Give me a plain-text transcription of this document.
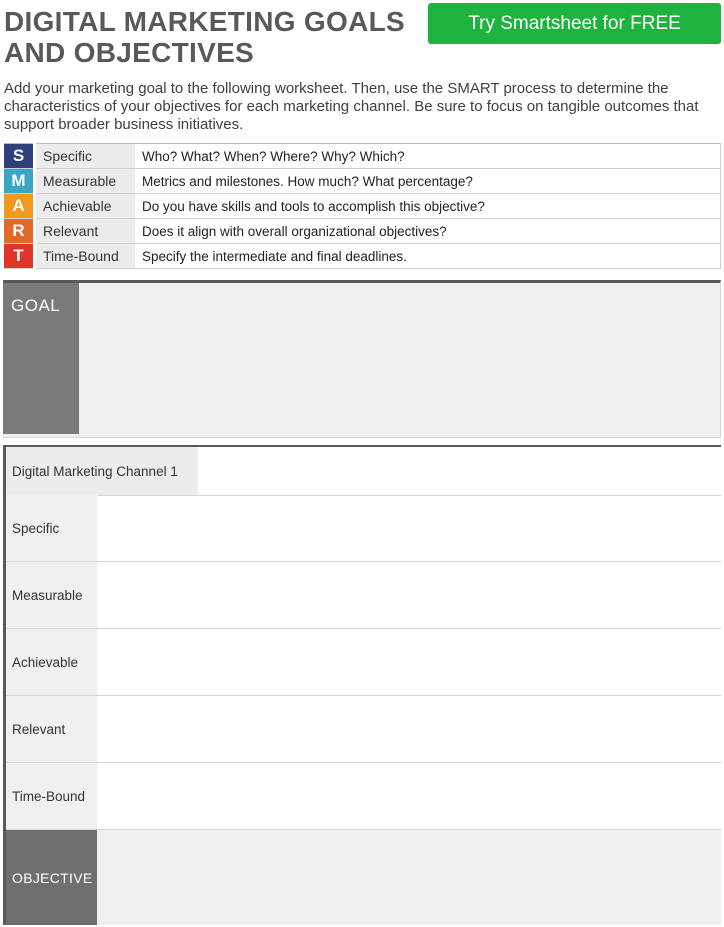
DIGITAL MARKETING GOALS
AND OBJECTIVES
Try Smartsheet for FREE

Add your marketing goal to the following worksheet. Then, use the SMART process to determine the characteristics of your objectives for each marketing channel. Be sure to focus on tangible outcomes that support broader business initiatives.

S	Specific	Who? What? When? Where? Why? Which?
M	Measurable	Metrics and milestones. How much? What percentage?
A	Achievable	Do you have skills and tools to accomplish this objective?
R	Relevant	Does it align with overall organizational objectives?
T	Time-Bound	Specify the intermediate and final deadlines.
GOAL
Digital Marketing Channel 1
Specific
Measurable
Achievable
Relevant
Time-Bound
OBJECTIVE
